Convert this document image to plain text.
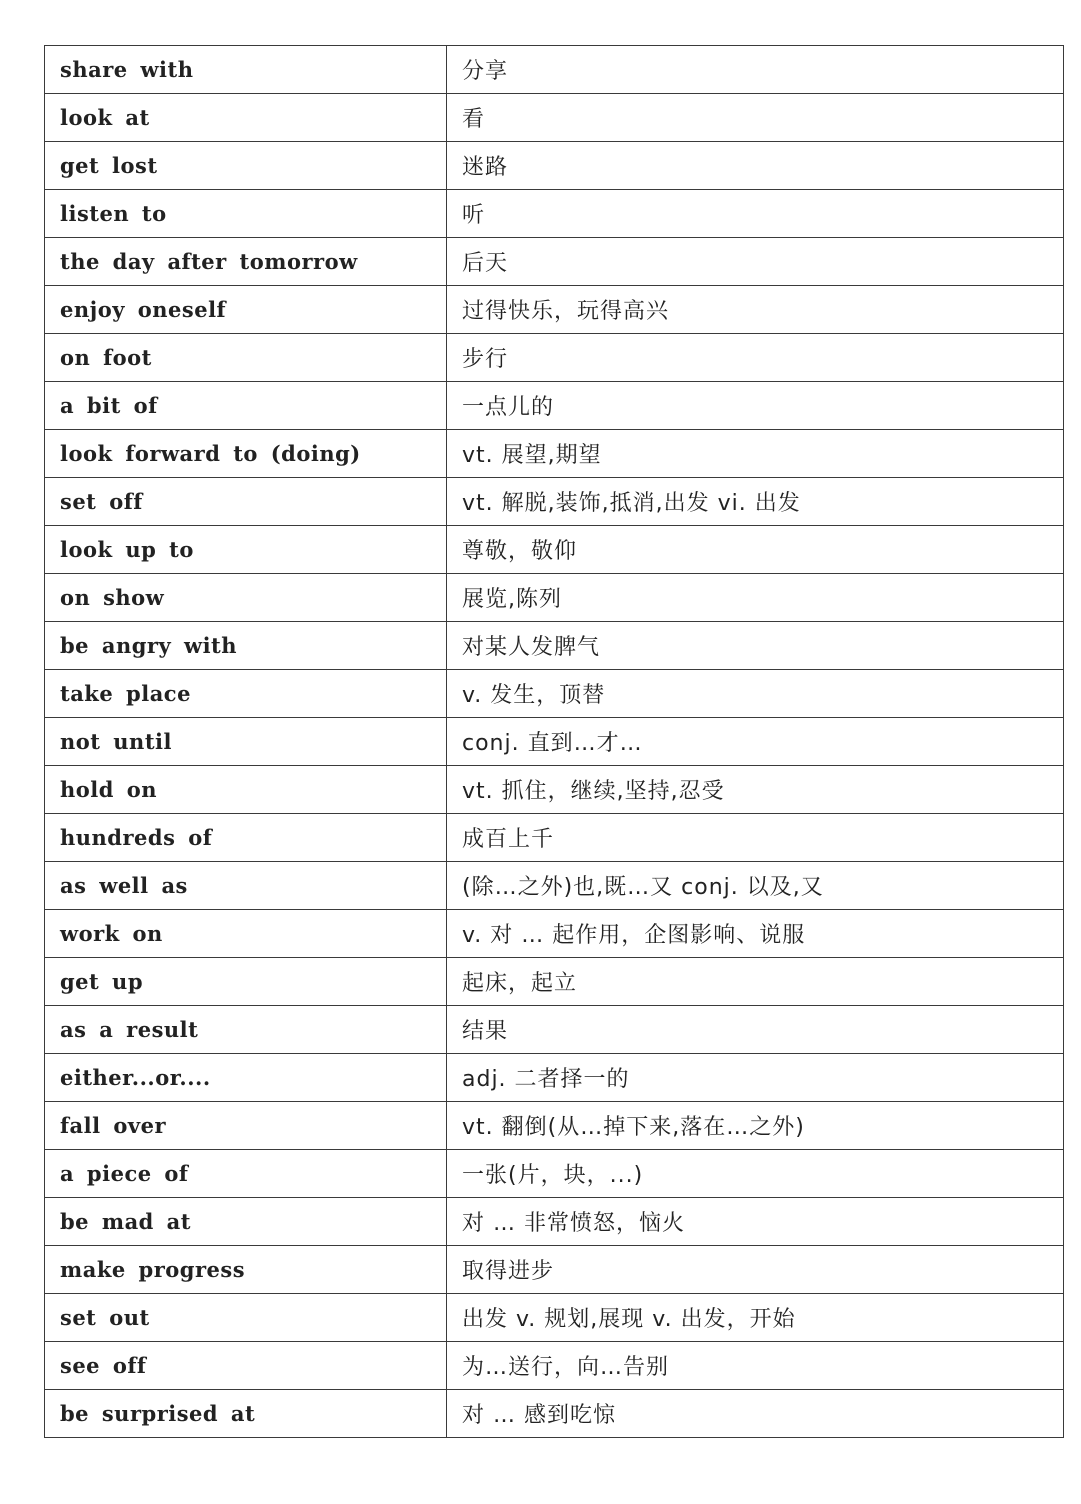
share with	分享
look at	看
get lost	迷路
listen to	听
the day after tomorrow	后天
enjoy oneself	过得快乐，玩得高兴
on foot	步行
a bit of	一点儿的
look forward to (doing)	vt. 展望,期望
set off	vt. 解脱,装饰,抵消,出发 vi. 出发
look up to	尊敬，敬仰
on show	展览,陈列
be angry with	对某人发脾气
take place	v. 发生，顶替
not until	conj. 直到…才…
hold on	vt. 抓住，继续,坚持,忍受
hundreds of	成百上千
as well as	(除…之外)也,既…又 conj. 以及,又
work on	v. 对 … 起作用，企图影响、说服
get up	起床，起立
as a result	结果
either...or....	adj. 二者择一的
fall over	vt. 翻倒(从…掉下来,落在…之外)
a piece of	一张(片，块，...)
be mad at	对 … 非常愤怒，恼火
make progress	取得进步
set out	出发 v. 规划,展现 v. 出发，开始
see off	为…送行，向…告别
be surprised at	对 … 感到吃惊
